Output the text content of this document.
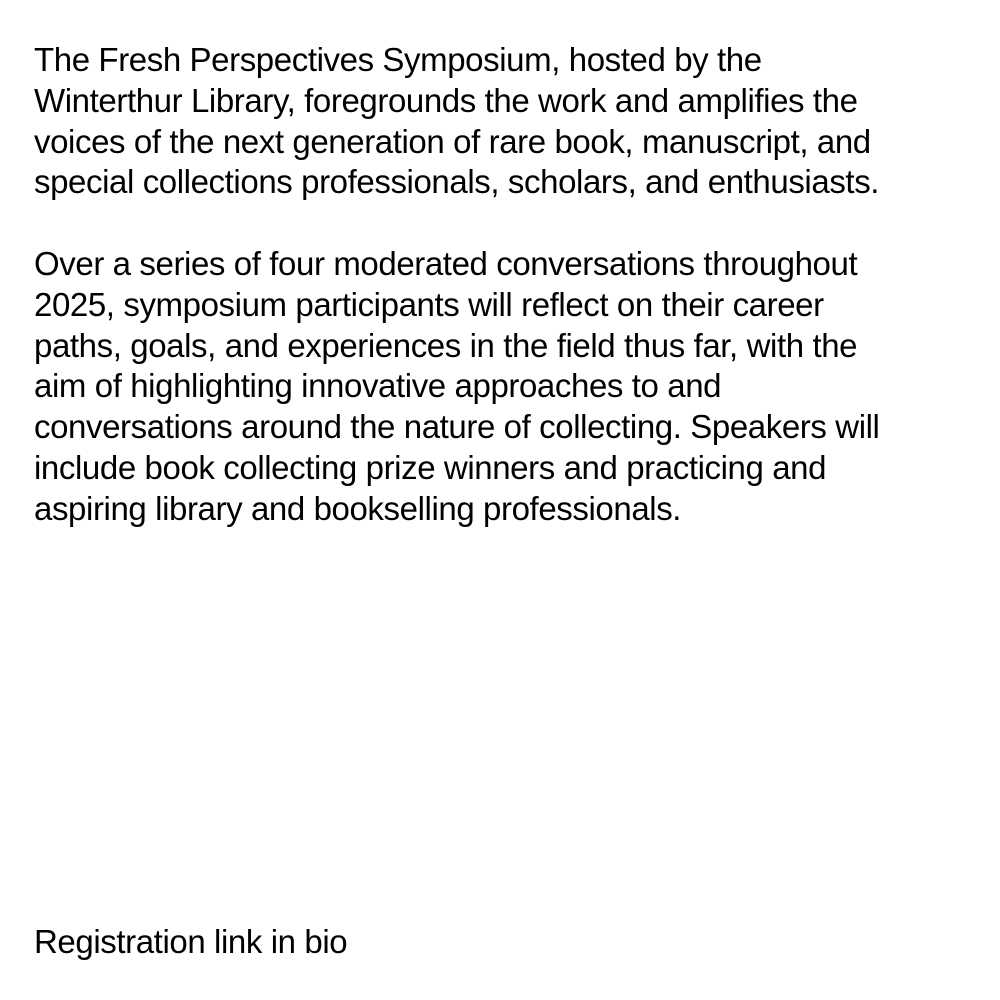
The Fresh Perspectives Symposium, hosted by the
Winterthur Library, foregrounds the work and amplifies the
voices of the next generation of rare book, manuscript, and
special collections professionals, scholars, and enthusiasts.

Over a series of four moderated conversations throughout
2025, symposium participants will reflect on their career
paths, goals, and experiences in the field thus far, with the
aim of highlighting innovative approaches to and
conversations around the nature of collecting. Speakers will
include book collecting prize winners and practicing and
aspiring library and bookselling professionals.

Registration link in bio
